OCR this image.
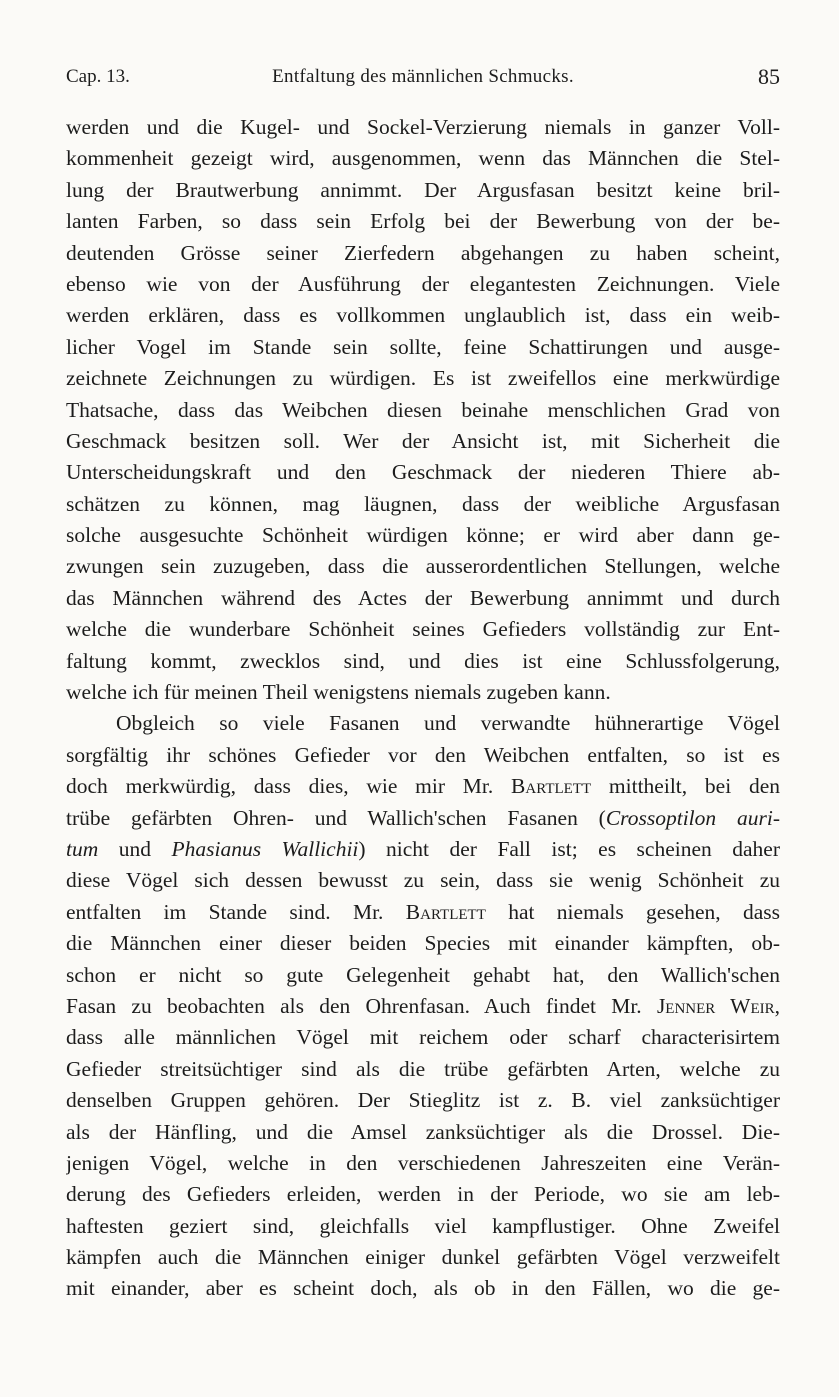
Cap. 13.	Entfaltung des männlichen Schmucks.	85
werden und die Kugel- und Sockel-Verzierung niemals in ganzer Voll-
kommenheit gezeigt wird, ausgenommen, wenn das Männchen die Stel-
lung der Brautwerbung annimmt. Der Argusfasan besitzt keine bril-
lanten Farben, so dass sein Erfolg bei der Bewerbung von der be-
deutenden Grösse seiner Zierfedern abgehangen zu haben scheint,
ebenso wie von der Ausführung der elegantesten Zeichnungen. Viele
werden erklären, dass es vollkommen unglaublich ist, dass ein weib-
licher Vogel im Stande sein sollte, feine Schattirungen und ausge-
zeichnete Zeichnungen zu würdigen. Es ist zweifellos eine merkwürdige
Thatsache, dass das Weibchen diesen beinahe menschlichen Grad von
Geschmack besitzen soll. Wer der Ansicht ist, mit Sicherheit die
Unterscheidungskraft und den Geschmack der niederen Thiere ab-
schätzen zu können, mag läugnen, dass der weibliche Argusfasan
solche ausgesuchte Schönheit würdigen könne; er wird aber dann ge-
zwungen sein zuzugeben, dass die ausserordentlichen Stellungen, welche
das Männchen während des Actes der Bewerbung annimmt und durch
welche die wunderbare Schönheit seines Gefieders vollständig zur Ent-
faltung kommt, zwecklos sind, und dies ist eine Schlussfolgerung,
welche ich für meinen Theil wenigstens niemals zugeben kann.
Obgleich so viele Fasanen und verwandte hühnerartige Vögel
sorgfältig ihr schönes Gefieder vor den Weibchen entfalten, so ist es
doch merkwürdig, dass dies, wie mir Mr. Bartlett mittheilt, bei den
trübe gefärbten Ohren- und Wallich'schen Fasanen (Crossoptilon auri-
tum und Phasianus Wallichii) nicht der Fall ist; es scheinen daher
diese Vögel sich dessen bewusst zu sein, dass sie wenig Schönheit zu
entfalten im Stande sind. Mr. Bartlett hat niemals gesehen, dass
die Männchen einer dieser beiden Species mit einander kämpften, ob-
schon er nicht so gute Gelegenheit gehabt hat, den Wallich'schen
Fasan zu beobachten als den Ohrenfasan. Auch findet Mr. Jenner Weir,
dass alle männlichen Vögel mit reichem oder scharf characterisirtem
Gefieder streitsüchtiger sind als die trübe gefärbten Arten, welche zu
denselben Gruppen gehören. Der Stieglitz ist z. B. viel zanksüchtiger
als der Hänfling, und die Amsel zanksüchtiger als die Drossel. Die-
jenigen Vögel, welche in den verschiedenen Jahreszeiten eine Verän-
derung des Gefieders erleiden, werden in der Periode, wo sie am leb-
haftesten geziert sind, gleichfalls viel kampflustiger. Ohne Zweifel
kämpfen auch die Männchen einiger dunkel gefärbten Vögel verzweifelt
mit einander, aber es scheint doch, als ob in den Fällen, wo die ge-
